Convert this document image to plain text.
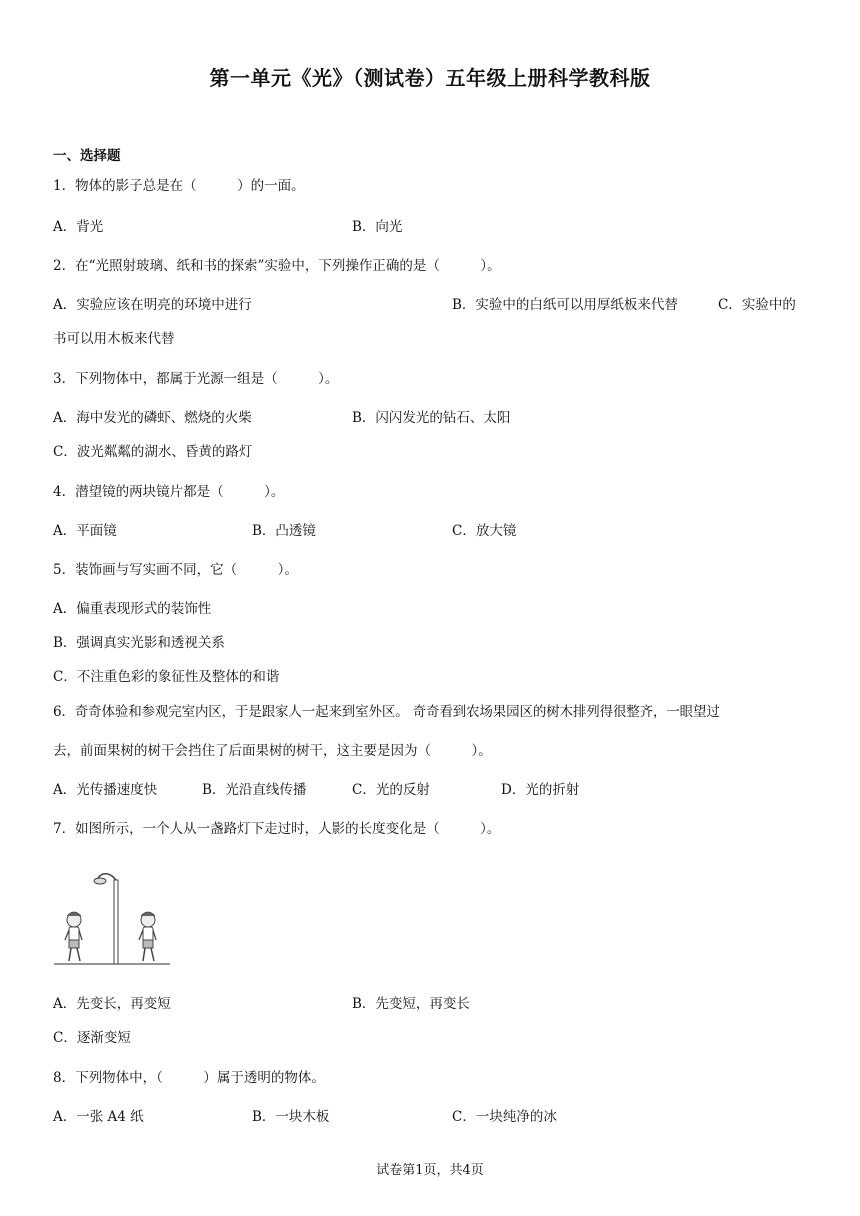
第一单元《光》（测试卷）五年级上册科学教科版
一、选择题
1．物体的影子总是在（　　　）的一面。
A．背光	B．向光
2．在“光照射玻璃、纸和书的探索”实验中，下列操作正确的是（　　　）。
A．实验应该在明亮的环境中进行	B．实验中的白纸可以用厚纸板来代替	C．实验中的
书可以用木板来代替
3．下列物体中，都属于光源一组是（　　　）。
A．海中发光的磷虾、燃烧的火柴	B．闪闪发光的钻石、太阳
C．波光粼粼的湖水、昏黄的路灯
4．潜望镜的两块镜片都是（　　　）。
A．平面镜	B．凸透镜	C．放大镜
5．装饰画与写实画不同，它（　　　）。
A．偏重表现形式的装饰性
B．强调真实光影和透视关系
C．不注重色彩的象征性及整体的和谐
6．奇奇体验和参观完室内区，于是跟家人一起来到室外区。 奇奇看到农场果园区的树木排列得很整齐，一眼望过
去，前面果树的树干会挡住了后面果树的树干，这主要是因为（　　　）。
A．光传播速度快	B．光沿直线传播	C．光的反射	D．光的折射
7．如图所示，一个人从一盏路灯下走过时，人影的长度变化是（　　　）。
A．先变长，再变短	B．先变短，再变长
C．逐渐变短
8．下列物体中，（　　　）属于透明的物体。
A．一张 A4 纸	B．一块木板	C．一块纯净的冰
试卷第1页，共4页
